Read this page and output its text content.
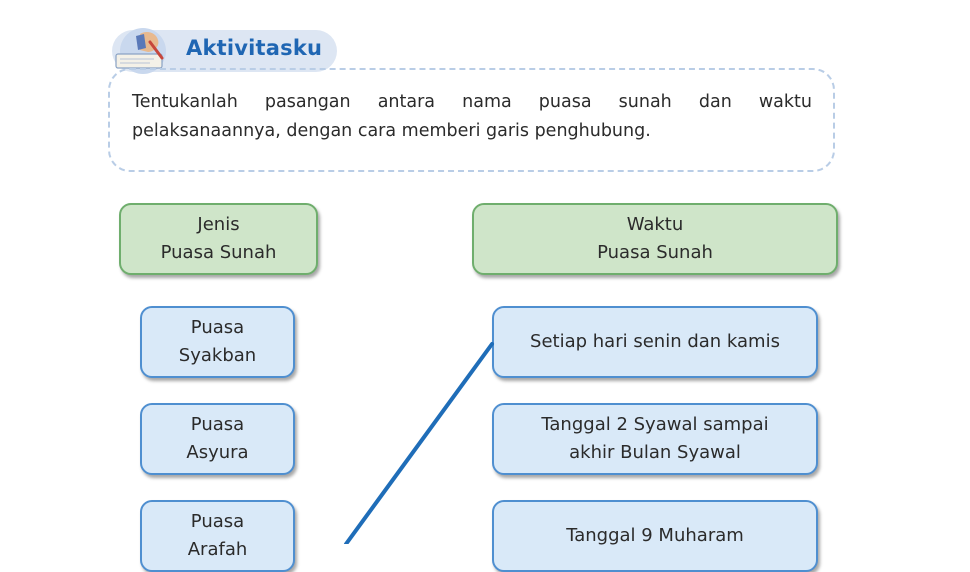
Aktivitasku
Tentukanlah pasangan antara nama puasa sunah dan waktu pelaksanaannya, dengan cara memberi garis penghubung.
Jenis
Puasa Sunah
Waktu
Puasa Sunah
Puasa
Syakban
Puasa
Asyura
Puasa
Arafah
Setiap hari senin dan kamis
Tanggal 2 Syawal sampai
akhir Bulan Syawal
Tanggal 9 Muharam
